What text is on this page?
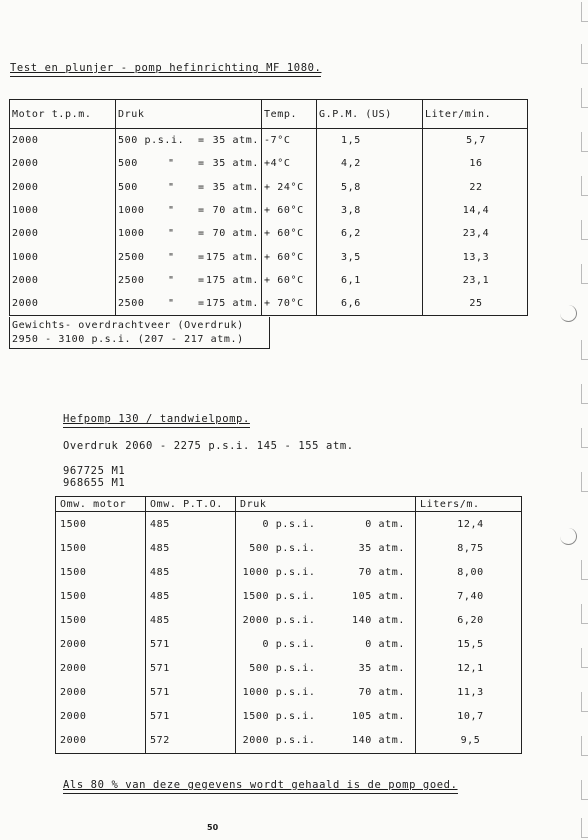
Test en plunjer - pomp hefinrichting MF 1080.
Motor t.p.m.	Druk	Temp.	G.P.M. (US)	Liter/min.
2000	500 p.s.i. = 35 atm.	-7°C	1,5	5,7
2000	500 " = 35 atm.	+4°C	4,2	16
2000	500 " = 35 atm.	+ 24°C	5,8	22
1000	1000 " = 70 atm.	+ 60°C	3,8	14,4
2000	1000 " = 70 atm.	+ 60°C	6,2	23,4
1000	2500 " = 175 atm.	+ 60°C	3,5	13,3
2000	2500 " = 175 atm.	+ 60°C	6,1	23,1
2000	2500 " = 175 atm.	+ 70°C	6,6	25
Gewichts- overdrachtveer (Overdruk)
2950 - 3100 p.s.i. (207 - 217 atm.)
Hefpomp 130 / tandwielpomp.
Overdruk 2060 - 2275 p.s.i. 145 - 155 atm.
967725 M1
968655 M1
Omw. motor	Omw. P.T.O.	Druk		Liters/m.
1500	485	0 p.s.i.	0 atm.	12,4
1500	485	500 p.s.i.	35 atm.	8,75
1500	485	1000 p.s.i.	70 atm.	8,00
1500	485	1500 p.s.i.	105 atm.	7,40
1500	485	2000 p.s.i.	140 atm.	6,20
2000	571	0 p.s.i.	0 atm.	15,5
2000	571	500 p.s.i.	35 atm.	12,1
2000	571	1000 p.s.i.	70 atm.	11,3
2000	571	1500 p.s.i.	105 atm.	10,7
2000	572	2000 p.s.i.	140 atm.	9,5
Als 80 % van deze gegevens wordt gehaald is de pomp goed.
50
